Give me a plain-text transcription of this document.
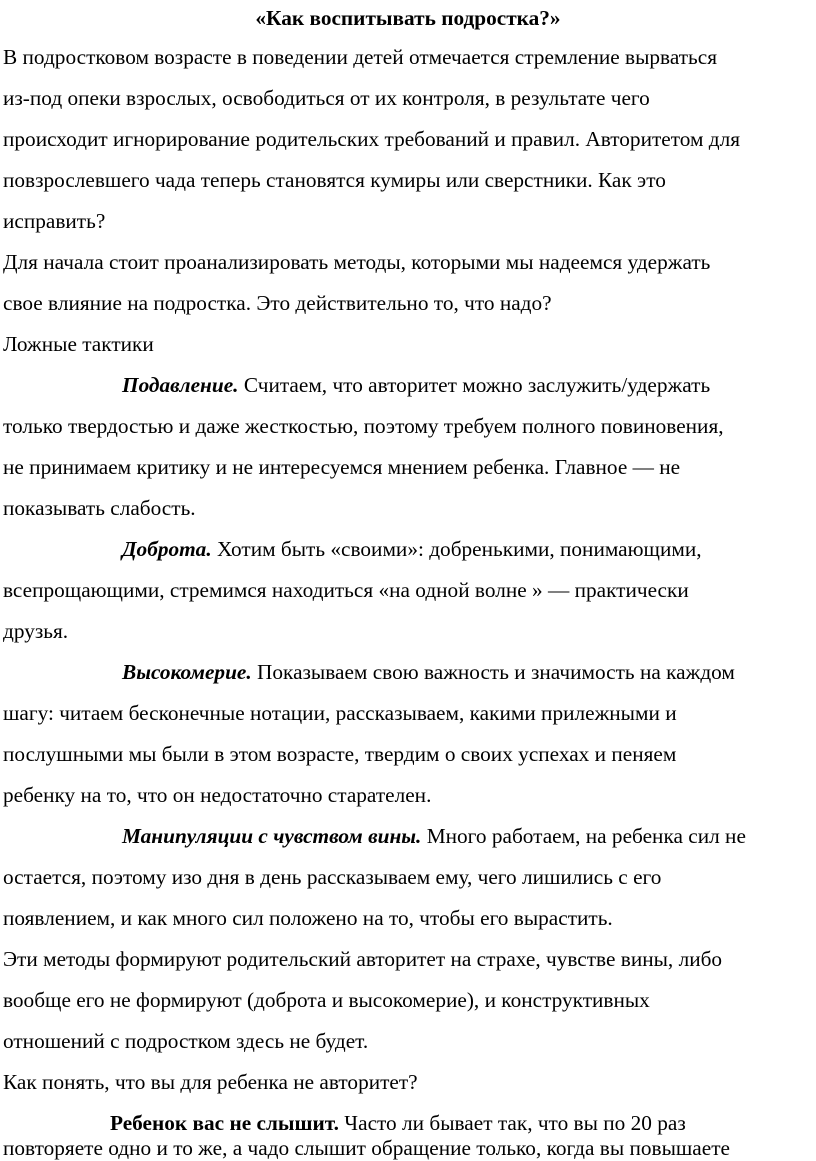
«Как воспитывать подростка?»
В подростковом возрасте в поведении детей отмечается стремление вырваться
из-под опеки взрослых, освободиться от их контроля, в результате чего
происходит игнорирование родительских требований и правил. Авторитетом для
повзрослевшего чада теперь становятся кумиры или сверстники. Как это
исправить?
Для начала стоит проанализировать методы, которыми мы надеемся удержать
свое влияние на подростка. Это действительно то, что надо?
Ложные тактики
Подавление. Считаем, что авторитет можно заслужить/удержать
только твердостью и даже жесткостью, поэтому требуем полного повиновения,
не принимаем критику и не интересуемся мнением ребенка. Главное — не
показывать слабость.
Доброта. Хотим быть «своими»: добренькими, понимающими,
всепрощающими, стремимся находиться «на одной волне » — практически
друзья.
Высокомерие. Показываем свою важность и значимость на каждом
шагу: читаем бесконечные нотации, рассказываем, какими прилежными и
послушными мы были в этом возрасте, твердим о своих успехах и пеняем
ребенку на то, что он недостаточно старателен.
Манипуляции с чувством вины. Много работаем, на ребенка сил не
остается, поэтому изо дня в день рассказываем ему, чего лишились с его
появлением, и как много сил положено на то, чтобы его вырастить.
Эти методы формируют родительский авторитет на страхе, чувстве вины, либо
вообще его не формируют (доброта и высокомерие), и конструктивных
отношений с подростком здесь не будет.
Как понять, что вы для ребенка не авторитет?
Ребенок вас не слышит. Часто ли бывает так, что вы по 20 раз
повторяете одно и то же, а чадо слышит обращение только, когда вы повышаете
